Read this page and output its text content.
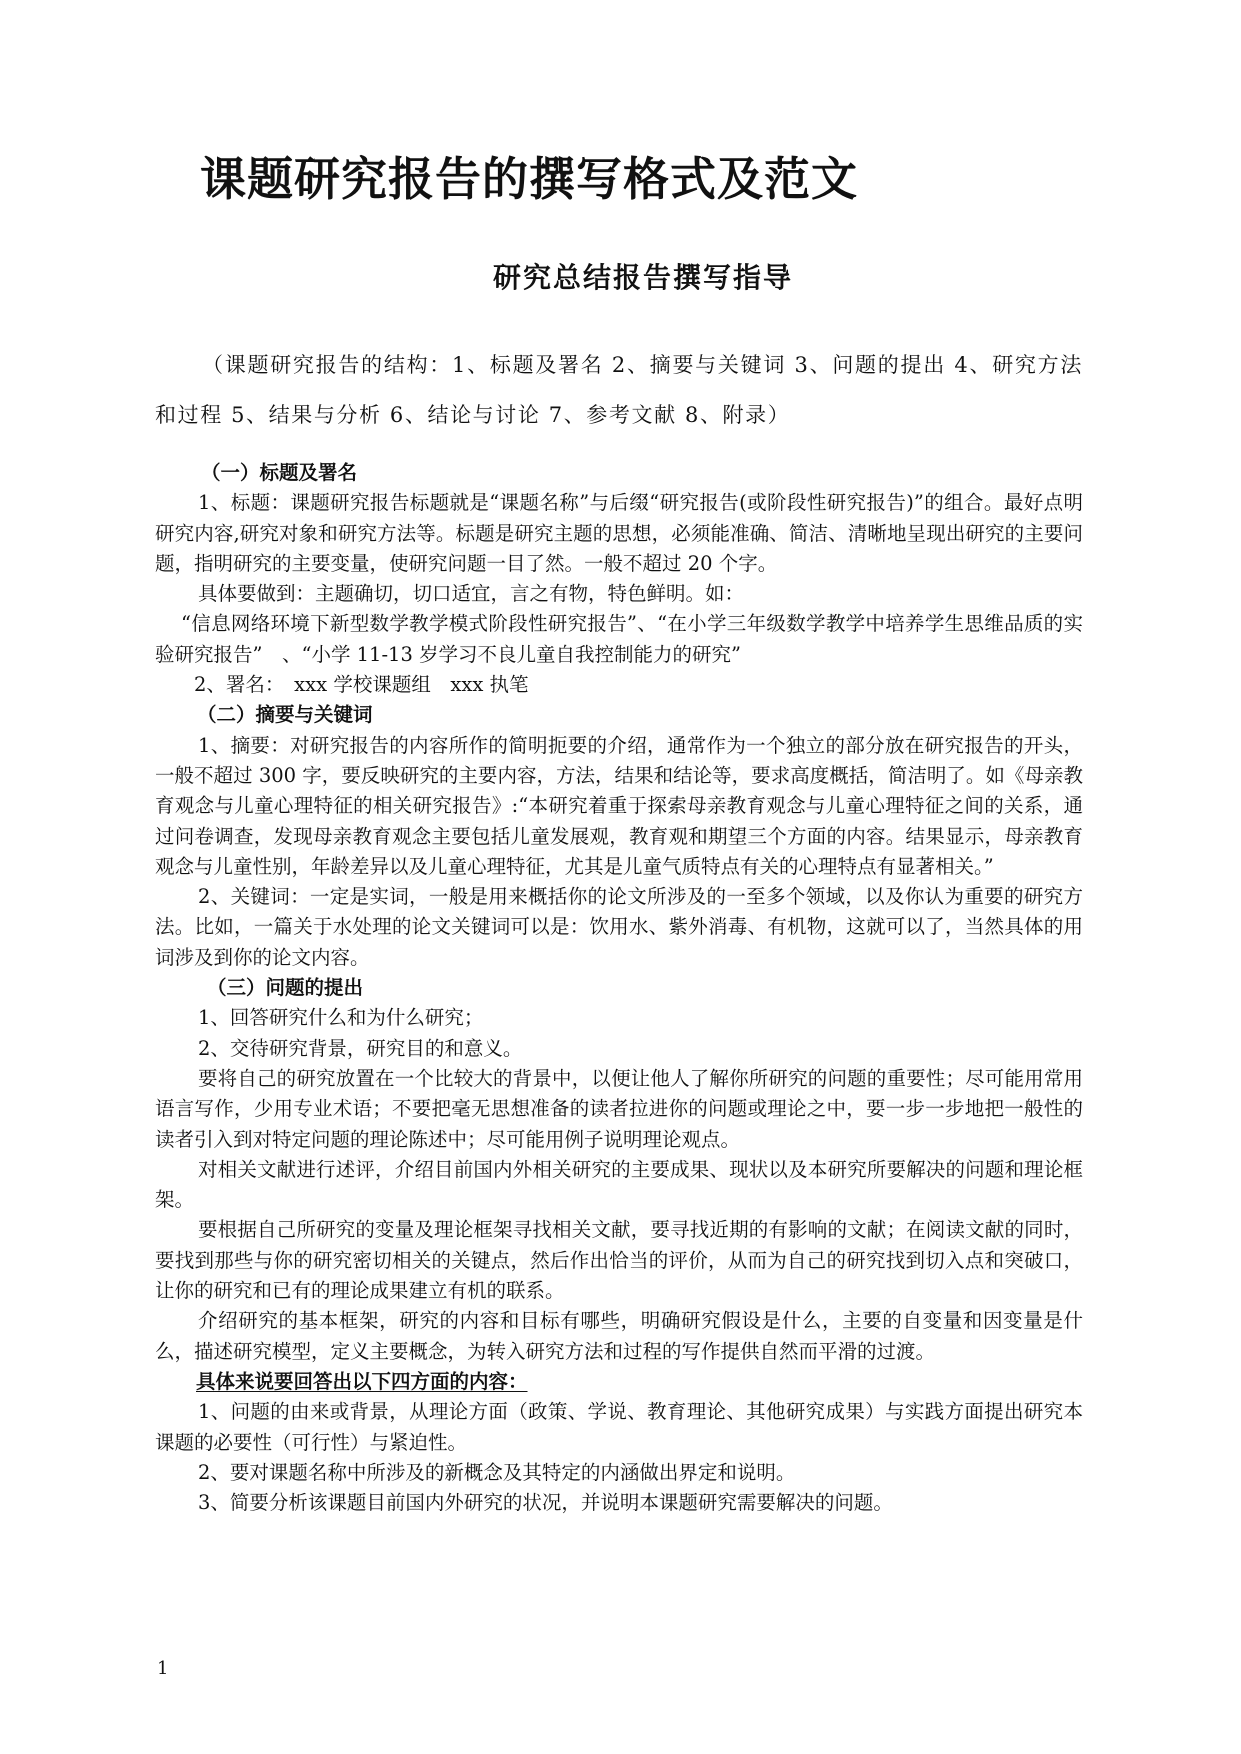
课题研究报告的撰写格式及范文
研究总结报告撰写指导

（课题研究报告的结构：1、标题及署名 2、摘要与关键词 3、问题的提出 4、研究方法和过程 5、结果与分析 6、结论与讨论 7、参考文献 8、附录）

（一）标题及署名

1、标题：课题研究报告标题就是“课题名称”与后缀“研究报告(或阶段性研究报告)”的组合。最好点明研究内容,研究对象和研究方法等。标题是研究主题的思想，必须能准确、简洁、清晰地呈现出研究的主要问题，指明研究的主要变量，使研究问题一目了然。一般不超过 20 个字。

具体要做到：主题确切，切口适宜，言之有物，特色鲜明。如：

“信息网络环境下新型数学教学模式阶段性研究报告”、“在小学三年级数学教学中培养学生思维品质的实验研究报告”　、“小学 11-13 岁学习不良儿童自我控制能力的研究”

2、署名：　xxx 学校课题组　xxx 执笔

（二）摘要与关键词

1、摘要：对研究报告的内容所作的简明扼要的介绍，通常作为一个独立的部分放在研究报告的开头，一般不超过 300 字，要反映研究的主要内容，方法，结果和结论等，要求高度概括，简洁明了。如《母亲教育观念与儿童心理特征的相关研究报告》:“本研究着重于探索母亲教育观念与儿童心理特征之间的关系，通过问卷调查，发现母亲教育观念主要包括儿童发展观，教育观和期望三个方面的内容。结果显示，母亲教育观念与儿童性别，年龄差异以及儿童心理特征，尤其是儿童气质特点有关的心理特点有显著相关。”

2、关键词：一定是实词，一般是用来概括你的论文所涉及的一至多个领域，以及你认为重要的研究方法。比如，一篇关于水处理的论文关键词可以是：饮用水、紫外消毒、有机物，这就可以了，当然具体的用词涉及到你的论文内容。

（三）问题的提出

1、回答研究什么和为什么研究；

2、交待研究背景，研究目的和意义。

要将自己的研究放置在一个比较大的背景中，以便让他人了解你所研究的问题的重要性；尽可能用常用语言写作，少用专业术语；不要把毫无思想准备的读者拉进你的问题或理论之中，要一步一步地把一般性的读者引入到对特定问题的理论陈述中；尽可能用例子说明理论观点。

对相关文献进行述评，介绍目前国内外相关研究的主要成果、现状以及本研究所要解决的问题和理论框架。

要根据自己所研究的变量及理论框架寻找相关文献，要寻找近期的有影响的文献；在阅读文献的同时，要找到那些与你的研究密切相关的关键点，然后作出恰当的评价，从而为自己的研究找到切入点和突破口，让你的研究和已有的理论成果建立有机的联系。

介绍研究的基本框架，研究的内容和目标有哪些，明确研究假设是什么，主要的自变量和因变量是什么，描述研究模型，定义主要概念，为转入研究方法和过程的写作提供自然而平滑的过渡。

具体来说要回答出以下四方面的内容：

1、问题的由来或背景，从理论方面（政策、学说、教育理论、其他研究成果）与实践方面提出研究本课题的必要性（可行性）与紧迫性。

2、要对课题名称中所涉及的新概念及其特定的内涵做出界定和说明。

3、简要分析该课题目前国内外研究的状况，并说明本课题研究需要解决的问题。

1
